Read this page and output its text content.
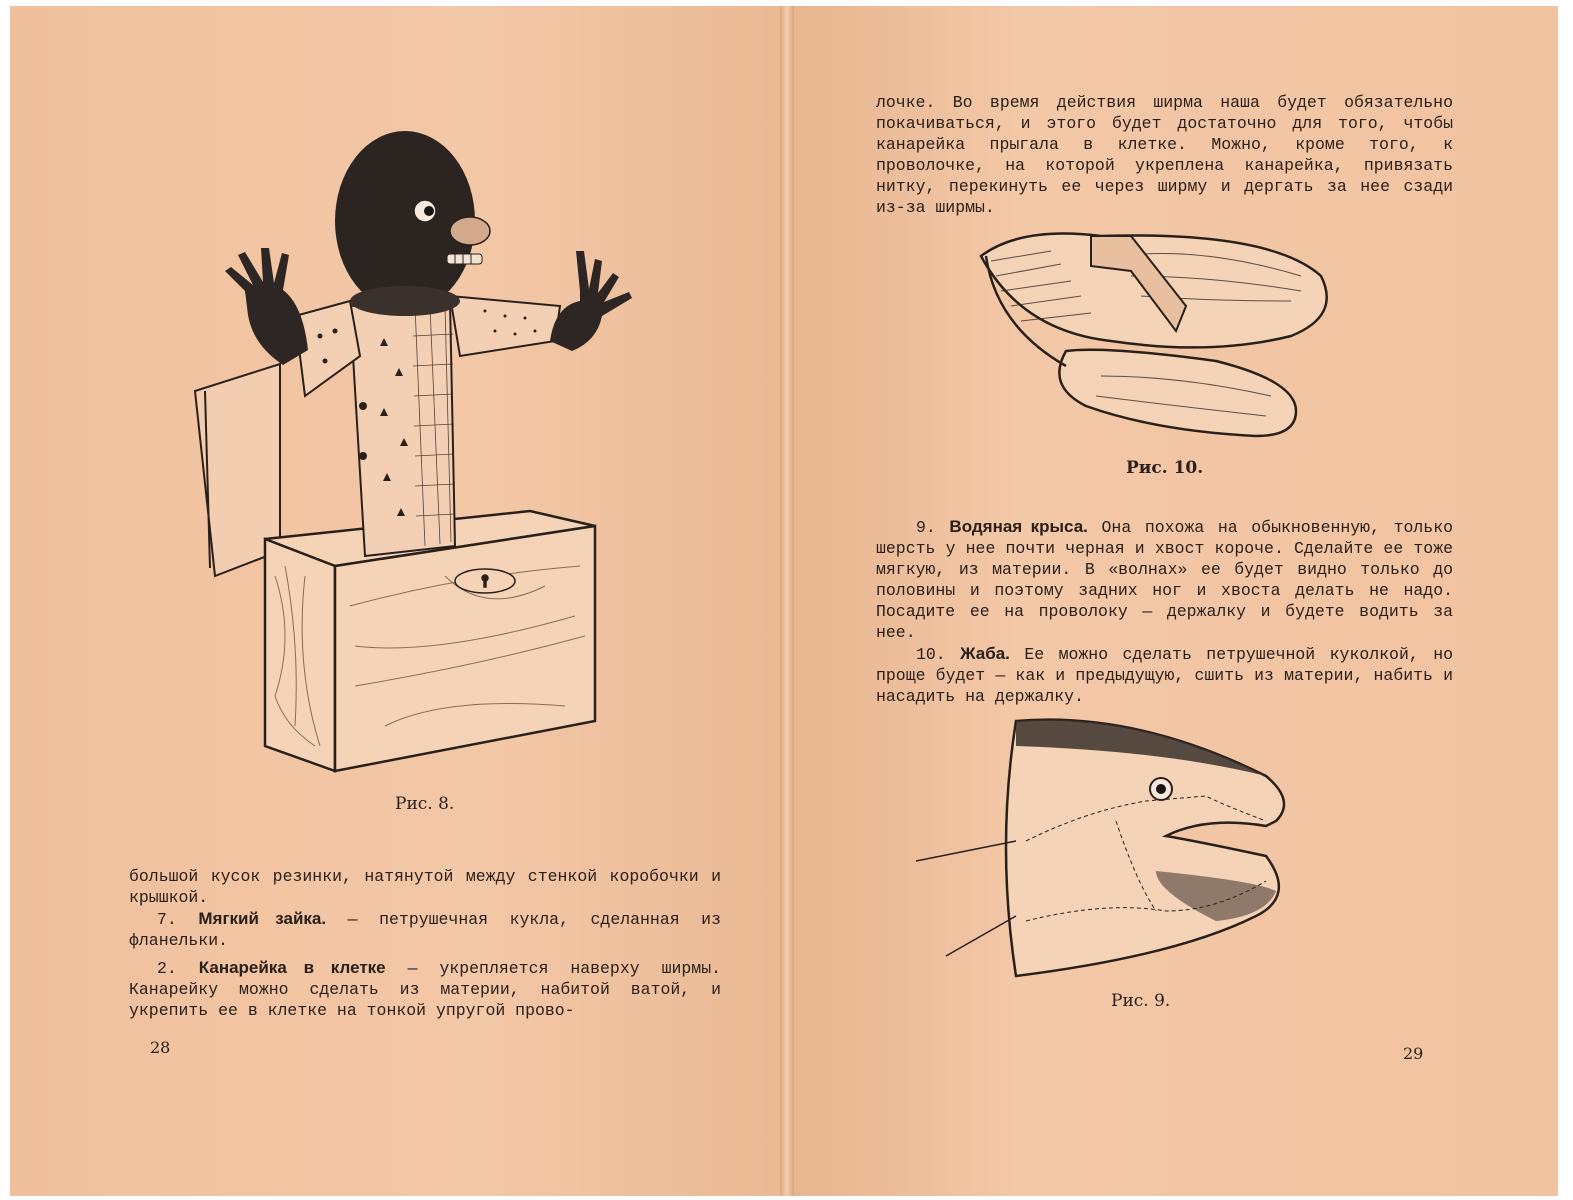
Рис. 8.

большой кусок резинки, натянутой между стенкой коробочки и крышкой.

7. Мягкий зайка. — петрушечная кукла, сделанная из фланельки.

2. Канарейка в клетке — укрепляется наверху ширмы. Канарейку можно сделать из материи, набитой ватой, и укрепить ее в клетке на тонкой упругой прово-

28
лочке. Во время действия ширма наша будет обязательно покачиваться, и этого будет достаточно для того, чтобы канарейка прыгала в клетке. Можно, кроме того, к проволочке, на которой укреплена канарейка, привязать нитку, перекинуть ее через ширму и дергать за нее сзади из-за ширмы.
Рис. 10.

9. Водяная крыса. Она похожа на обыкновенную, только шерсть у нее почти черная и хвост короче. Сделайте ее тоже мягкую, из материи. В «волнах» ее будет видно только до половины и поэтому задних ног и хвоста делать не надо. Посадите ее на проволоку — держалку и будете водить за нее.

10. Жаба. Ее можно сделать петрушечной куколкой, но проще будет — как и предыдущую, сшить из материи, набить и насадить на держалку.

Рис. 9.
29
